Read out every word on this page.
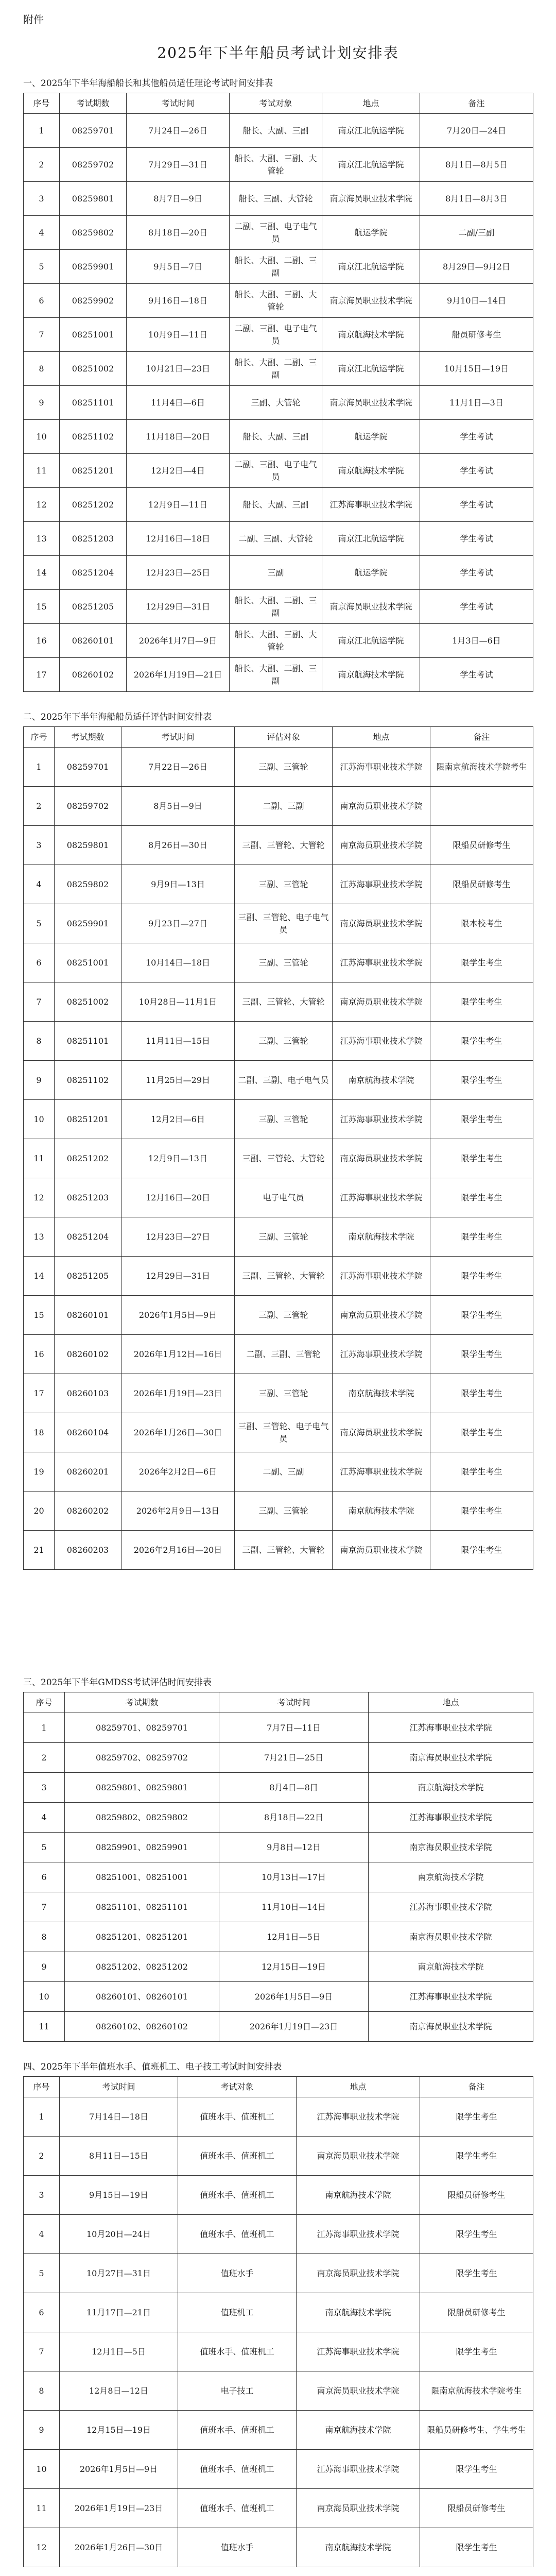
附件
2025年下半年船员考试计划安排表
一、2025年下半年海船船长和其他船员适任理论考试时间安排表
序号	考试期数	考试时间	考试对象	地点	备注
1	08259701	7月24日—26日	船长、大副、三副	南京江北航运学院	7月20日—24日
2	08259702	7月29日—31日	船长、大副、三副、大管轮	南京江北航运学院	8月1日—8月5日
3	08259801	8月7日—9日	船长、三副、大管轮	南京海员职业技术学院	8月1日—8月3日
4	08259802	8月18日—20日	二副、三副、电子电气员	航运学院	二副/三副
5	08259901	9月5日—7日	船长、大副、二副、三副	南京江北航运学院	8月29日—9月2日
6	08259902	9月16日—18日	船长、大副、三副、大管轮	南京海员职业技术学院	9月10日—14日
7	08251001	10月9日—11日	二副、三副、电子电气员	南京航海技术学院	船员研修考生
8	08251002	10月21日—23日	船长、大副、二副、三副	南京江北航运学院	10月15日—19日
9	08251101	11月4日—6日	三副、大管轮	南京海员职业技术学院	11月1日—3日
10	08251102	11月18日—20日	船长、大副、三副	航运学院	学生考试
11	08251201	12月2日—4日	二副、三副、电子电气员	南京航海技术学院	学生考试
12	08251202	12月9日—11日	船长、大副、三副	江苏海事职业技术学院	学生考试
13	08251203	12月16日—18日	二副、三副、大管轮	南京江北航运学院	学生考试
14	08251204	12月23日—25日	三副	航运学院	学生考试
15	08251205	12月29日—31日	船长、大副、二副、三副	南京海员职业技术学院	学生考试
16	08260101	2026年1月7日—9日	船长、大副、三副、大管轮	南京江北航运学院	1月3日—6日
17	08260102	2026年1月19日—21日	船长、大副、二副、三副	南京航海技术学院	学生考试
二、2025年下半年海船船员适任评估时间安排表
序号	考试期数	考试时间	评估对象	地点	备注
1	08259701	7月22日—26日	三副、三管轮	江苏海事职业技术学院	限南京航海技术学院考生
2	08259702	8月5日—9日	二副、三副	南京海员职业技术学院	
3	08259801	8月26日—30日	三副、三管轮、大管轮	南京海员职业技术学院	限船员研修考生
4	08259802	9月9日—13日	三副、三管轮	江苏海事职业技术学院	限船员研修考生
5	08259901	9月23日—27日	三副、三管轮、电子电气员	南京海员职业技术学院	限本校考生
6	08251001	10月14日—18日	三副、三管轮	江苏海事职业技术学院	限学生考生
7	08251002	10月28日—11月1日	三副、三管轮、大管轮	南京海员职业技术学院	限学生考生
8	08251101	11月11日—15日	三副、三管轮	江苏海事职业技术学院	限学生考生
9	08251102	11月25日—29日	二副、三副、电子电气员	南京航海技术学院	限学生考生
10	08251201	12月2日—6日	三副、三管轮	江苏海事职业技术学院	限学生考生
11	08251202	12月9日—13日	三副、三管轮、大管轮	南京海员职业技术学院	限学生考生
12	08251203	12月16日—20日	电子电气员	江苏海事职业技术学院	限学生考生
13	08251204	12月23日—27日	三副、三管轮	南京航海技术学院	限学生考生
14	08251205	12月29日—31日	三副、三管轮、大管轮	江苏海事职业技术学院	限学生考生
15	08260101	2026年1月5日—9日	三副、三管轮	南京海员职业技术学院	限学生考生
16	08260102	2026年1月12日—16日	二副、三副、三管轮	江苏海事职业技术学院	限学生考生
17	08260103	2026年1月19日—23日	三副、三管轮	南京航海技术学院	限学生考生
18	08260104	2026年1月26日—30日	三副、三管轮、电子电气员	南京海员职业技术学院	限学生考生
19	08260201	2026年2月2日—6日	二副、三副	江苏海事职业技术学院	限学生考生
20	08260202	2026年2月9日—13日	三副、三管轮	南京航海技术学院	限学生考生
21	08260203	2026年2月16日—20日	三副、三管轮、大管轮	南京海员职业技术学院	限学生考生
三、2025年下半年GMDSS考试评估时间安排表
序号	考试期数	考试时间	地点
1	08259701、08259701	7月7日—11日	江苏海事职业技术学院
2	08259702、08259702	7月21日—25日	南京海员职业技术学院
3	08259801、08259801	8月4日—8日	南京航海技术学院
4	08259802、08259802	8月18日—22日	江苏海事职业技术学院
5	08259901、08259901	9月8日—12日	南京海员职业技术学院
6	08251001、08251001	10月13日—17日	南京航海技术学院
7	08251101、08251101	11月10日—14日	江苏海事职业技术学院
8	08251201、08251201	12月1日—5日	南京海员职业技术学院
9	08251202、08251202	12月15日—19日	南京航海技术学院
10	08260101、08260101	2026年1月5日—9日	江苏海事职业技术学院
11	08260102、08260102	2026年1月19日—23日	南京海员职业技术学院
四、2025年下半年值班水手、值班机工、电子技工考试时间安排表
序号	考试时间	考试对象	地点	备注
1	7月14日—18日	值班水手、值班机工	江苏海事职业技术学院	限学生考生
2	8月11日—15日	值班水手、值班机工	南京海员职业技术学院	限学生考生
3	9月15日—19日	值班水手、值班机工	南京航海技术学院	限船员研修考生
4	10月20日—24日	值班水手、值班机工	江苏海事职业技术学院	限学生考生
5	10月27日—31日	值班水手	南京海员职业技术学院	限学生考生
6	11月17日—21日	值班机工	南京航海技术学院	限船员研修考生
7	12月1日—5日	值班水手、值班机工	江苏海事职业技术学院	限学生考生
8	12月8日—12日	电子技工	南京海员职业技术学院	限南京航海技术学院考生
9	12月15日—19日	值班水手、值班机工	南京航海技术学院	限船员研修考生、学生考生
10	2026年1月5日—9日	值班水手、值班机工	江苏海事职业技术学院	限学生考生
11	2026年1月19日—23日	值班水手、值班机工	南京海员职业技术学院	限船员研修考生
12	2026年1月26日—30日	值班水手	南京航海技术学院	限学生考生
